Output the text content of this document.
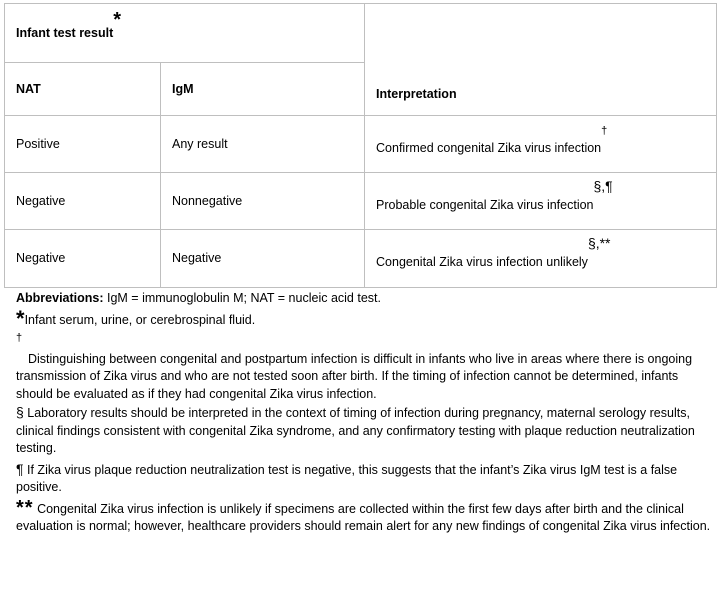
Infant test result*		Interpretation
NAT	IgM	
Positive	Any result	Confirmed congenital Zika virus infection†
Negative	Nonnegative	Probable congenital Zika virus infection§,¶
Negative	Negative	Congenital Zika virus infection unlikely§,**

Abbreviations: IgM = immunoglobulin M; NAT = nucleic acid test.

*Infant serum, urine, or cerebrospinal fluid.

†
Distinguishing between congenital and postpartum infection is difficult in infants who live in areas where there is ongoing transmission of Zika virus and who are not tested soon after birth. If the timing of infection cannot be determined, infants should be evaluated as if they had congenital Zika virus infection.

§ Laboratory results should be interpreted in the context of timing of infection during pregnancy, maternal serology results, clinical findings consistent with congenital Zika syndrome, and any confirmatory testing with plaque reduction neutralization testing.

¶ If Zika virus plaque reduction neutralization test is negative, this suggests that the infant’s Zika virus IgM test is a false positive.

** Congenital Zika virus infection is unlikely if specimens are collected within the first few days after birth and the clinical evaluation is normal; however, healthcare providers should remain alert for any new findings of congenital Zika virus infection.
